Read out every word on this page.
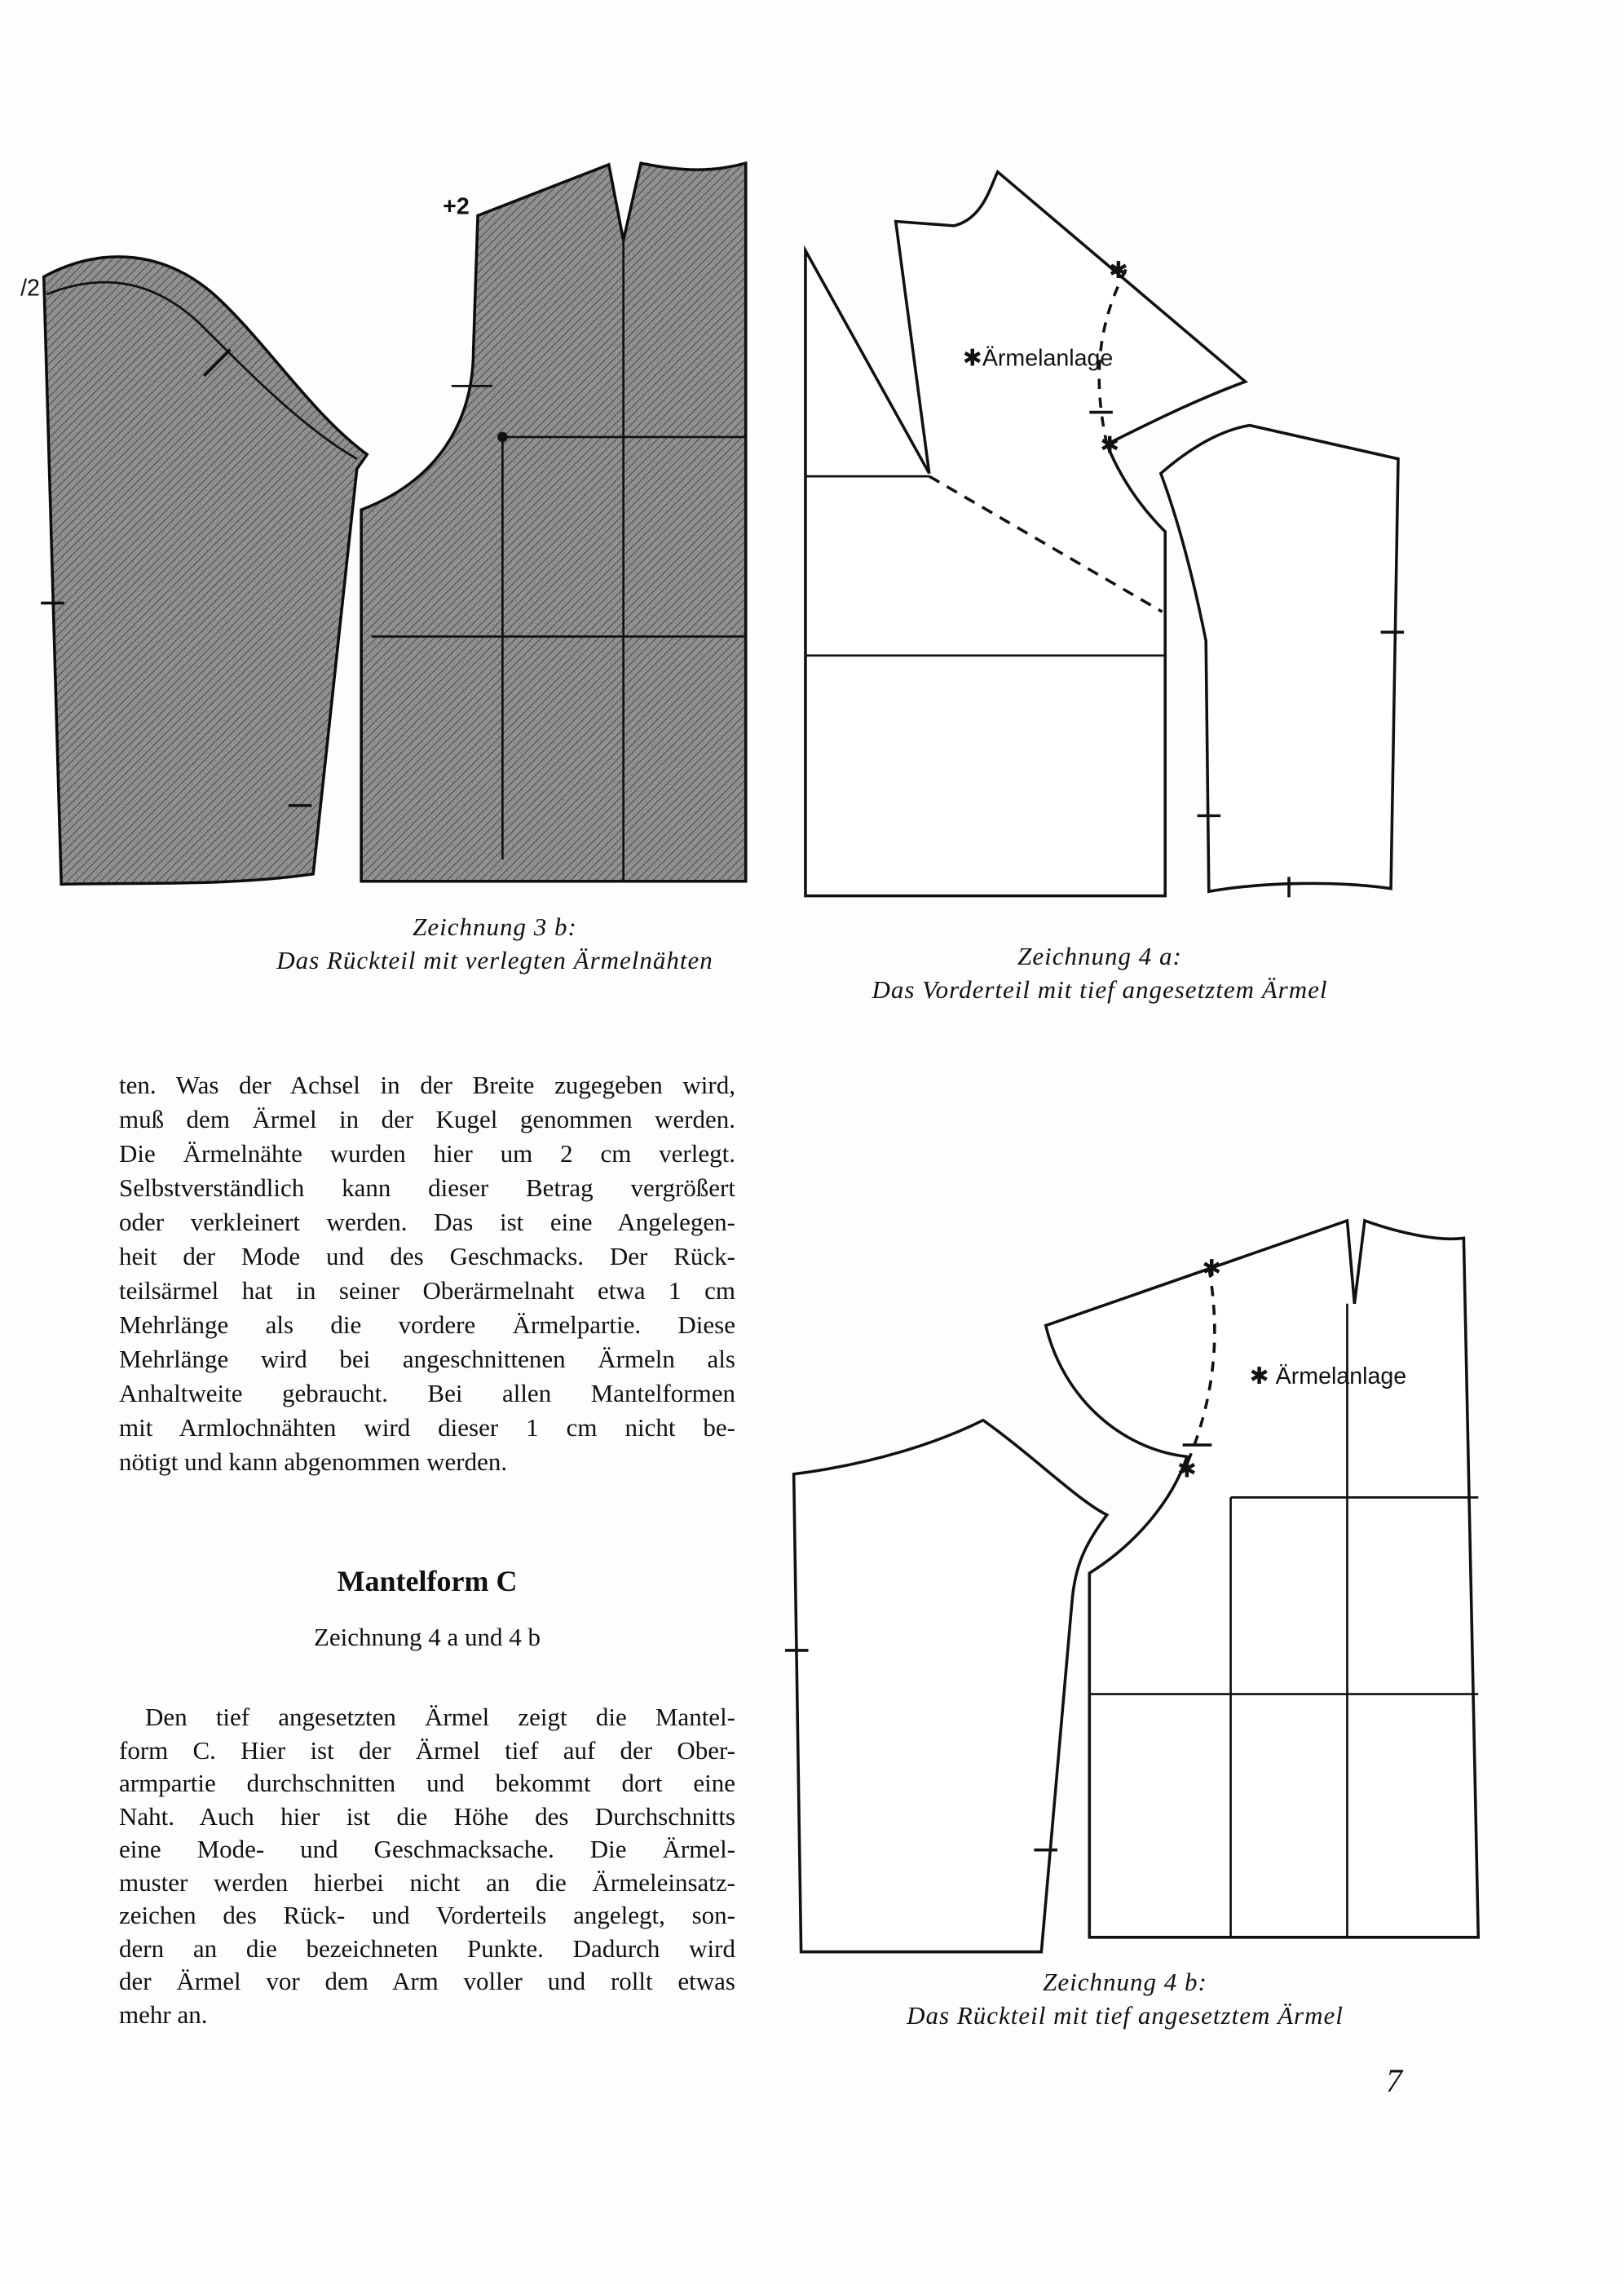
/2
+2
✱
✱
✱Ärmelanlage
✱
✱
✱ Ärmelanlage
Zeichnung 3 b:
Das Rückteil mit verlegten Ärmelnähten	Zeichnung 4 a:
Das Vorderteil mit tief angesetztem Ärmel
ten. Was der Achsel in der Breite zugegeben wird,
muß dem Ärmel in der Kugel genommen werden.
Die Ärmelnähte wurden hier um 2 cm verlegt.
Selbstverständlich kann dieser Betrag vergrößert
oder verkleinert werden. Das ist eine Angelegen-
heit der Mode und des Geschmacks. Der Rück-
teilsärmel hat in seiner Oberärmelnaht etwa 1 cm
Mehrlänge als die vordere Ärmelpartie. Diese
Mehrlänge wird bei angeschnittenen Ärmeln als
Anhaltweite gebraucht. Bei allen Mantelformen
mit Armlochnähten wird dieser 1 cm nicht be-
nötigt und kann abgenommen werden.
Mantelform C
Zeichnung 4 a und 4 b
Den tief angesetzten Ärmel zeigt die Mantel-
form C. Hier ist der Ärmel tief auf der Ober-
armpartie durchschnitten und bekommt dort eine
Naht. Auch hier ist die Höhe des Durchschnitts
eine Mode- und Geschmacksache. Die Ärmel-
muster werden hierbei nicht an die Ärmeleinsatz-
zeichen des Rück- und Vorderteils angelegt, son-
dern an die bezeichneten Punkte. Dadurch wird
der Ärmel vor dem Arm voller und rollt etwas
mehr an.
Zeichnung 4 b:
Das Rückteil mit tief angesetztem Ärmel
7
